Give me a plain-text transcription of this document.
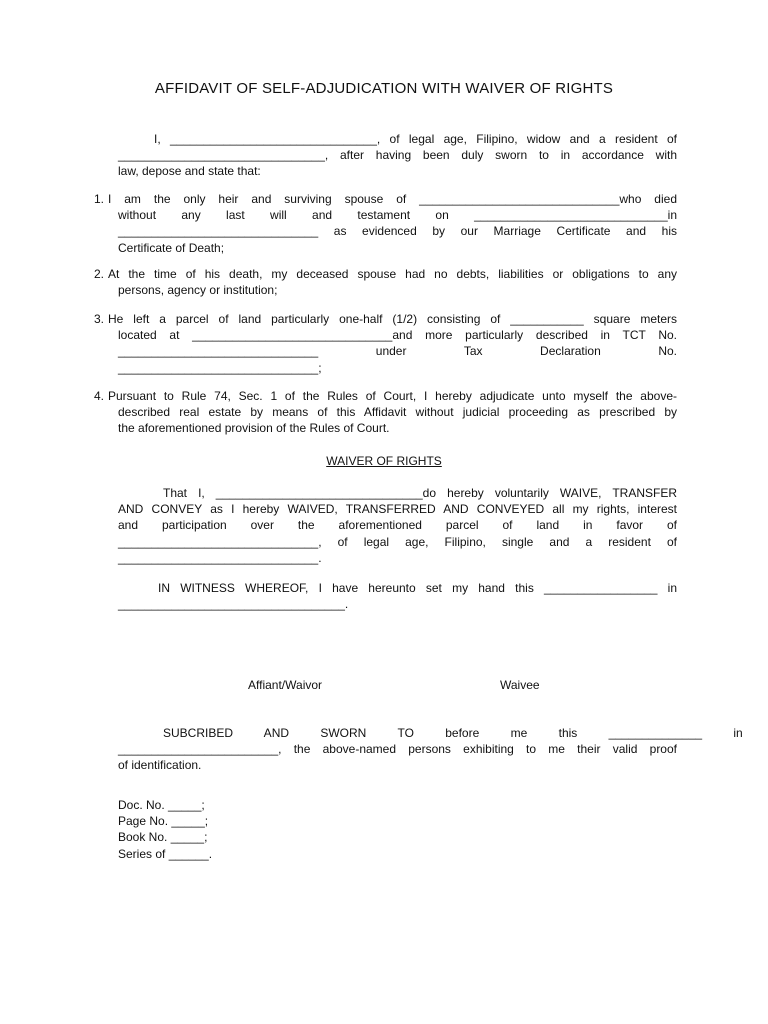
AFFIDAVIT OF SELF-ADJUDICATION WITH WAIVER OF RIGHTS
I, _______________________________, of legal age, Filipino, widow and a resident of
_______________________________, after having been duly sworn to in accordance with
law, depose and state that:
1. I am the only heir and surviving spouse of ______________________________who died
without any last will and testament on _____________________________in
______________________________ as evidenced by our Marriage Certificate and his
Certificate of Death;
2. At the time of his death, my deceased spouse had no debts, liabilities or obligations to any
persons, agency or institution;
3. He left a parcel of land particularly one-half (1/2) consisting of ___________ square meters
located at ______________________________and more particularly described in TCT No.
______________________________ under Tax Declaration No.
______________________________;
4. Pursuant to Rule 74, Sec. 1 of the Rules of Court, I hereby adjudicate unto myself the above-
described real estate by means of this Affidavit without judicial proceeding as prescribed by
the aforementioned provision of the Rules of Court.
WAIVER OF RIGHTS
That I, _______________________________do hereby voluntarily WAIVE, TRANSFER
AND CONVEY as I hereby WAIVED, TRANSFERRED AND CONVEYED all my rights, interest
and participation over the aforementioned parcel of land in favor of
______________________________, of legal age, Filipino, single and a resident of
______________________________.
IN WITNESS WHEREOF, I have hereunto set my hand this _________________ in
__________________________________.
Affiant/Waivor	Waivee
SUBCRIBED AND SWORN TO before me this ______________ in
________________________, the above-named persons exhibiting to me their valid proof
of identification.
Doc. No. _____;
Page No. _____;
Book No. _____;
Series of ______.
